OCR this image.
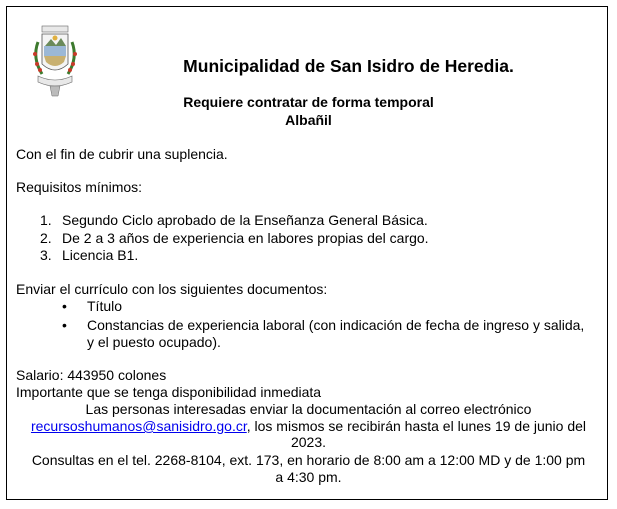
Municipalidad de San Isidro de Heredia.
Requiere contratar de forma temporal
Albañil
Con el fin de cubrir una suplencia.
Requisitos mínimos:
1. Segundo Ciclo aprobado de la Enseñanza General Básica.
2. De 2 a 3 años de experiencia en labores propias del cargo.
3. Licencia B1.
Enviar el currículo con los siguientes documentos:
• Título
• Constancias de experiencia laboral (con indicación de fecha de ingreso y salida,
y el puesto ocupado).
Salario: 443950 colones
Importante que se tenga disponibilidad inmediata
Las personas interesadas enviar la documentación al correo electrónico
recursoshumanos@sanisidro.go.cr, los mismos se recibirán hasta el lunes 19 de junio del
2023.
Consultas en el tel. 2268-8104, ext. 173, en horario de 8:00 am a 12:00 MD y de 1:00 pm
a 4:30 pm.
